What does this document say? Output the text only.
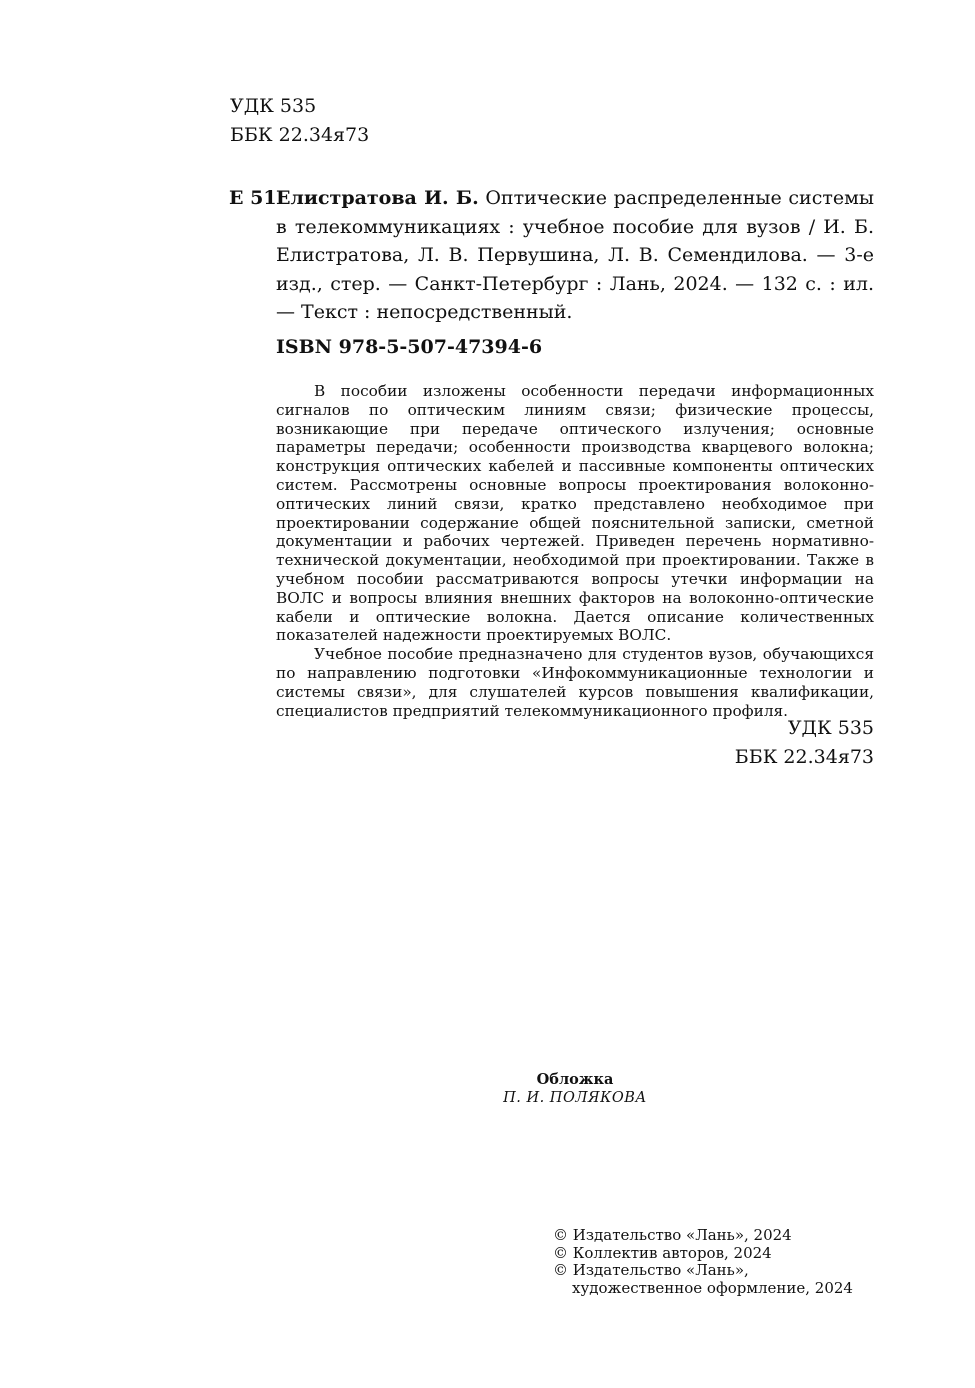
УДК 535
ББК 22.34я73
Е 51 Елистратова И. Б. Оптические распределенные системы в телекоммуникациях : учебное пособие для вузов / И. Б. Елистратова, Л. В. Первушина, Л. В. Семендилова. — 3-е изд., стер. — Санкт-Петербург : Лань, 2024. — 132 с. : ил. — Текст : непосредственный.
ISBN 978-5-507-47394-6

В пособии изложены особенности передачи информационных сигналов по оптическим линиям связи; физические процессы, возникающие при передаче оптического излучения; основные параметры передачи; особенности производства кварцевого волокна; конструкция оптических кабелей и пассивные компоненты оптических систем. Рассмотрены основные вопросы проектирования волоконно-оптических линий связи, кратко представлено необходимое при проектировании содержание общей пояснительной записки, сметной документации и рабочих чертежей. Приведен перечень нормативно-технической документации, необходимой при проектировании. Также в учебном пособии рассматриваются вопросы утечки информации на ВОЛС и вопросы влияния внешних факторов на волоконно-оптические кабели и оптические волокна. Дается описание количественных показателей надежности проектируемых ВОЛС.

Учебное пособие предназначено для студентов вузов, обучающихся по направлению подготовки «Инфокоммуникационные технологии и системы связи», для слушателей курсов повышения квалификации, специалистов предприятий телекоммуникационного профиля.

УДК 535
ББК 22.34я73
Обложка
П. И. ПОЛЯКОВА
© Издательство «Лань», 2024
© Коллектив авторов, 2024
© Издательство «Лань»,
художественное оформление, 2024
